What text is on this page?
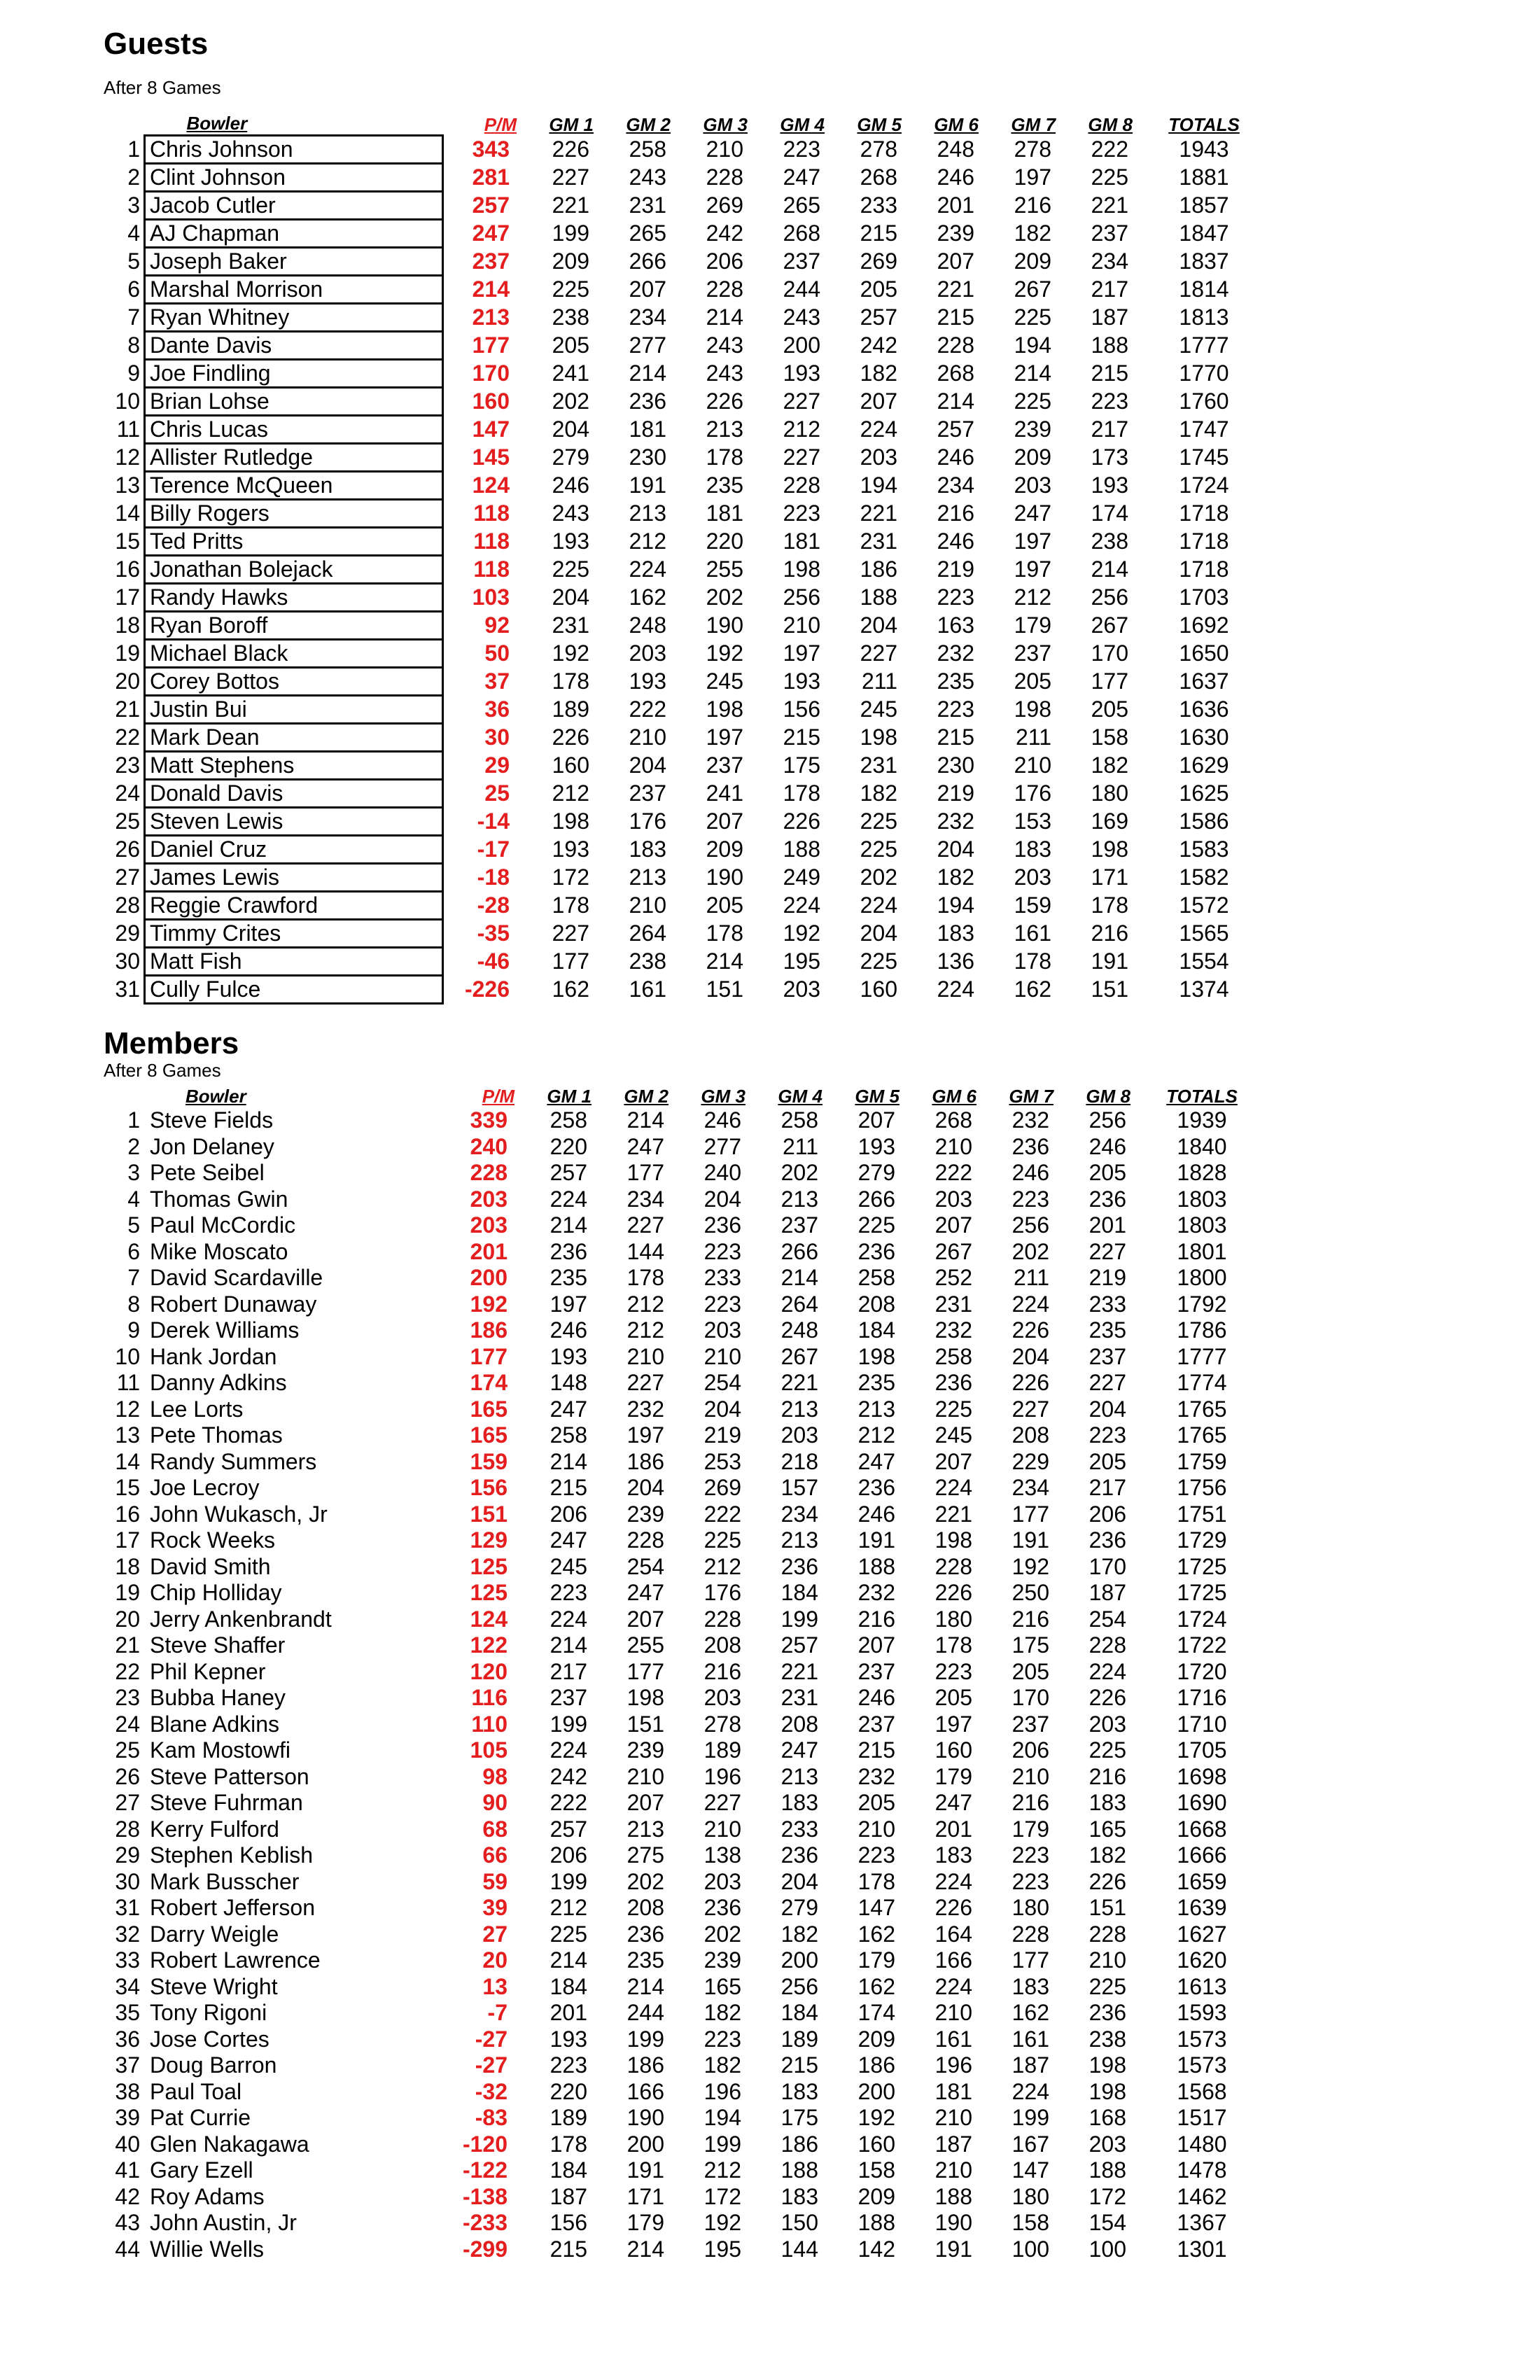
Guests
After 8 Games
	Bowler	P/M	GM 1	GM 2	GM 3	GM 4	GM 5	GM 6	GM 7	GM 8	TOTALS
1	Chris Johnson	343	226	258	210	223	278	248	278	222	1943
2	Clint Johnson	281	227	243	228	247	268	246	197	225	1881
3	Jacob Cutler	257	221	231	269	265	233	201	216	221	1857
4	AJ Chapman	247	199	265	242	268	215	239	182	237	1847
5	Joseph Baker	237	209	266	206	237	269	207	209	234	1837
6	Marshal Morrison	214	225	207	228	244	205	221	267	217	1814
7	Ryan Whitney	213	238	234	214	243	257	215	225	187	1813
8	Dante Davis	177	205	277	243	200	242	228	194	188	1777
9	Joe Findling	170	241	214	243	193	182	268	214	215	1770
10	Brian Lohse	160	202	236	226	227	207	214	225	223	1760
11	Chris Lucas	147	204	181	213	212	224	257	239	217	1747
12	Allister Rutledge	145	279	230	178	227	203	246	209	173	1745
13	Terence McQueen	124	246	191	235	228	194	234	203	193	1724
14	Billy Rogers	118	243	213	181	223	221	216	247	174	1718
15	Ted Pritts	118	193	212	220	181	231	246	197	238	1718
16	Jonathan Bolejack	118	225	224	255	198	186	219	197	214	1718
17	Randy Hawks	103	204	162	202	256	188	223	212	256	1703
18	Ryan Boroff	92	231	248	190	210	204	163	179	267	1692
19	Michael Black	50	192	203	192	197	227	232	237	170	1650
20	Corey Bottos	37	178	193	245	193	211	235	205	177	1637
21	Justin Bui	36	189	222	198	156	245	223	198	205	1636
22	Mark Dean	30	226	210	197	215	198	215	211	158	1630
23	Matt Stephens	29	160	204	237	175	231	230	210	182	1629
24	Donald Davis	25	212	237	241	178	182	219	176	180	1625
25	Steven Lewis	-14	198	176	207	226	225	232	153	169	1586
26	Daniel Cruz	-17	193	183	209	188	225	204	183	198	1583
27	James Lewis	-18	172	213	190	249	202	182	203	171	1582
28	Reggie Crawford	-28	178	210	205	224	224	194	159	178	1572
29	Timmy Crites	-35	227	264	178	192	204	183	161	216	1565
30	Matt Fish	-46	177	238	214	195	225	136	178	191	1554
31	Cully Fulce	-226	162	161	151	203	160	224	162	151	1374
Members
After 8 Games
	Bowler	P/M	GM 1	GM 2	GM 3	GM 4	GM 5	GM 6	GM 7	GM 8	TOTALS
1	Steve Fields	339	258	214	246	258	207	268	232	256	1939
2	Jon Delaney	240	220	247	277	211	193	210	236	246	1840
3	Pete Seibel	228	257	177	240	202	279	222	246	205	1828
4	Thomas Gwin	203	224	234	204	213	266	203	223	236	1803
5	Paul McCordic	203	214	227	236	237	225	207	256	201	1803
6	Mike Moscato	201	236	144	223	266	236	267	202	227	1801
7	David Scardaville	200	235	178	233	214	258	252	211	219	1800
8	Robert Dunaway	192	197	212	223	264	208	231	224	233	1792
9	Derek Williams	186	246	212	203	248	184	232	226	235	1786
10	Hank Jordan	177	193	210	210	267	198	258	204	237	1777
11	Danny Adkins	174	148	227	254	221	235	236	226	227	1774
12	Lee Lorts	165	247	232	204	213	213	225	227	204	1765
13	Pete Thomas	165	258	197	219	203	212	245	208	223	1765
14	Randy Summers	159	214	186	253	218	247	207	229	205	1759
15	Joe Lecroy	156	215	204	269	157	236	224	234	217	1756
16	John Wukasch, Jr	151	206	239	222	234	246	221	177	206	1751
17	Rock Weeks	129	247	228	225	213	191	198	191	236	1729
18	David Smith	125	245	254	212	236	188	228	192	170	1725
19	Chip Holliday	125	223	247	176	184	232	226	250	187	1725
20	Jerry Ankenbrandt	124	224	207	228	199	216	180	216	254	1724
21	Steve Shaffer	122	214	255	208	257	207	178	175	228	1722
22	Phil Kepner	120	217	177	216	221	237	223	205	224	1720
23	Bubba Haney	116	237	198	203	231	246	205	170	226	1716
24	Blane Adkins	110	199	151	278	208	237	197	237	203	1710
25	Kam Mostowfi	105	224	239	189	247	215	160	206	225	1705
26	Steve Patterson	98	242	210	196	213	232	179	210	216	1698
27	Steve Fuhrman	90	222	207	227	183	205	247	216	183	1690
28	Kerry Fulford	68	257	213	210	233	210	201	179	165	1668
29	Stephen Keblish	66	206	275	138	236	223	183	223	182	1666
30	Mark Busscher	59	199	202	203	204	178	224	223	226	1659
31	Robert Jefferson	39	212	208	236	279	147	226	180	151	1639
32	Darry Weigle	27	225	236	202	182	162	164	228	228	1627
33	Robert Lawrence	20	214	235	239	200	179	166	177	210	1620
34	Steve Wright	13	184	214	165	256	162	224	183	225	1613
35	Tony Rigoni	-7	201	244	182	184	174	210	162	236	1593
36	Jose Cortes	-27	193	199	223	189	209	161	161	238	1573
37	Doug Barron	-27	223	186	182	215	186	196	187	198	1573
38	Paul Toal	-32	220	166	196	183	200	181	224	198	1568
39	Pat Currie	-83	189	190	194	175	192	210	199	168	1517
40	Glen Nakagawa	-120	178	200	199	186	160	187	167	203	1480
41	Gary Ezell	-122	184	191	212	188	158	210	147	188	1478
42	Roy Adams	-138	187	171	172	183	209	188	180	172	1462
43	John Austin, Jr	-233	156	179	192	150	188	190	158	154	1367
44	Willie Wells	-299	215	214	195	144	142	191	100	100	1301
